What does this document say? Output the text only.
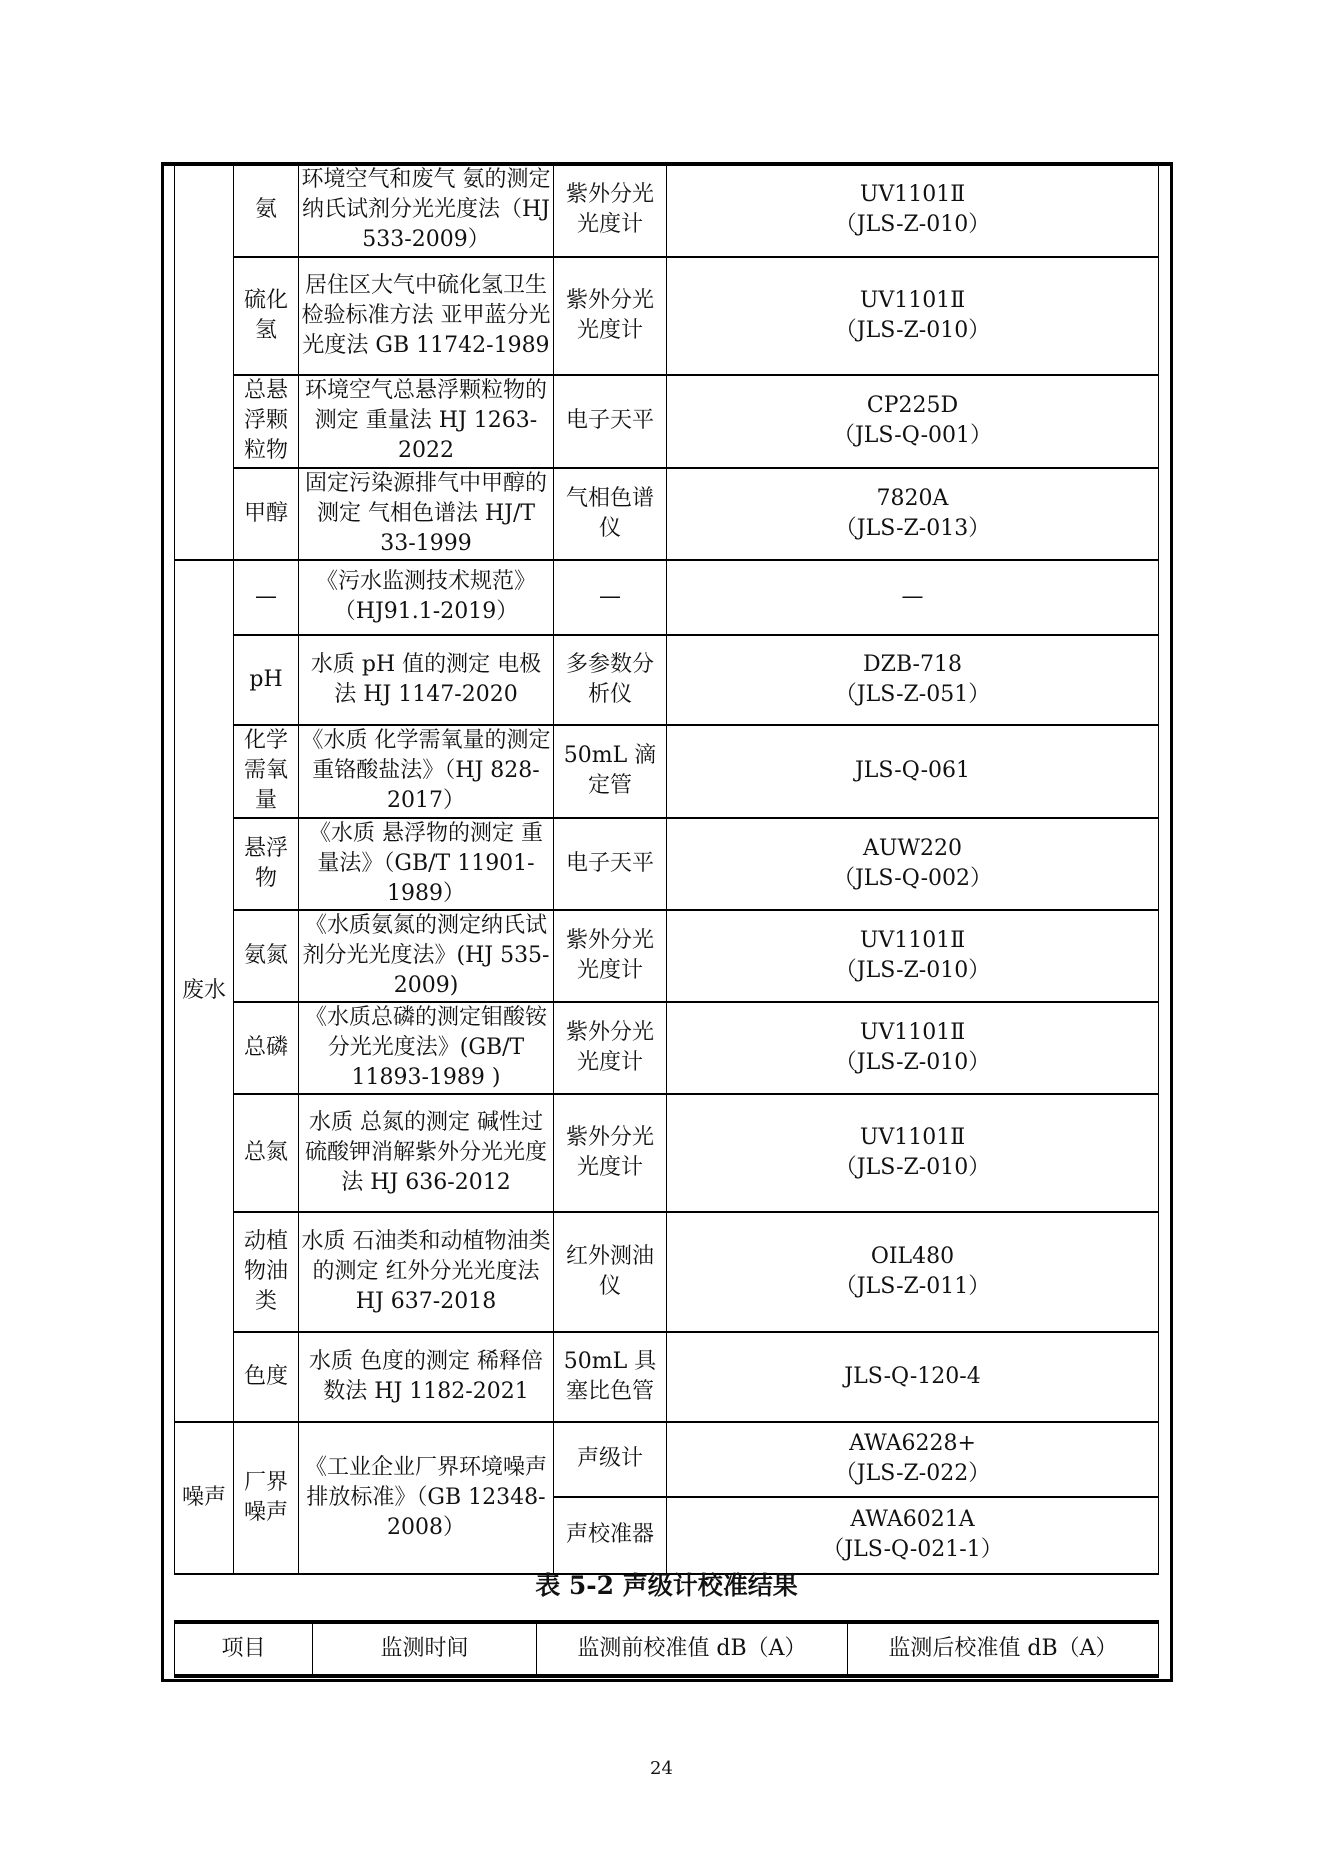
	氨	环境空气和废气 氨的测定 纳氏试剂分光光度法（HJ 533-2009）	紫外分光光度计	UV1101Ⅱ
（JLS-Z-010）

	硫化氢	居住区大气中硫化氢卫生检验标准方法 亚甲蓝分光光度法 GB 11742-1989	紫外分光光度计	UV1101Ⅱ
（JLS-Z-010）

	总悬浮颗粒物	环境空气总悬浮颗粒物的测定 重量法 HJ 1263-2022	电子天平	CP225D
（JLS-Q-001）

	甲醇	固定污染源排气中甲醇的测定 气相色谱法 HJ/T 33-1999	气相色谱仪	7820A
（JLS-Z-013）

废水	—	《污水监测技术规范》（HJ91.1-2019）	—	—

	pH	水质 pH 值的测定 电极法 HJ 1147-2020	多参数分析仪	DZB-718
（JLS-Z-051）

	化学需氧量	《水质 化学需氧量的测定 重铬酸盐法》（HJ 828-2017）	50mL 滴定管	JLS-Q-061

	悬浮物	《水质 悬浮物的测定 重量法》（GB/T 11901-1989）	电子天平	AUW220
（JLS-Q-002）

	氨氮	《水质氨氮的测定纳氏试剂分光光度法》(HJ 535-2009)	紫外分光光度计	UV1101Ⅱ
（JLS-Z-010）

	总磷	《水质总磷的测定钼酸铵分光光度法》(GB/T 11893-1989 )	紫外分光光度计	UV1101Ⅱ
（JLS-Z-010）

	总氮	水质 总氮的测定 碱性过硫酸钾消解紫外分光光度法 HJ 636-2012	紫外分光光度计	UV1101Ⅱ
（JLS-Z-010）

	动植物油类	水质 石油类和动植物油类的测定 红外分光光度法 HJ 637-2018	红外测油仪	OIL480
（JLS-Z-011）

	色度	水质 色度的测定 稀释倍数法 HJ 1182-2021	50mL 具塞比色管	JLS-Q-120-4

噪声	厂界噪声	《工业企业厂界环境噪声排放标准》（GB 12348-2008）	声级计	AWA6228+
（JLS-Z-022）

			声校准器	AWA6021A
（JLS-Q-021-1）
表 5-2 声级计校准结果
项目	监测时间	监测前校准值 dB（A）	监测后校准值 dB（A）
24
